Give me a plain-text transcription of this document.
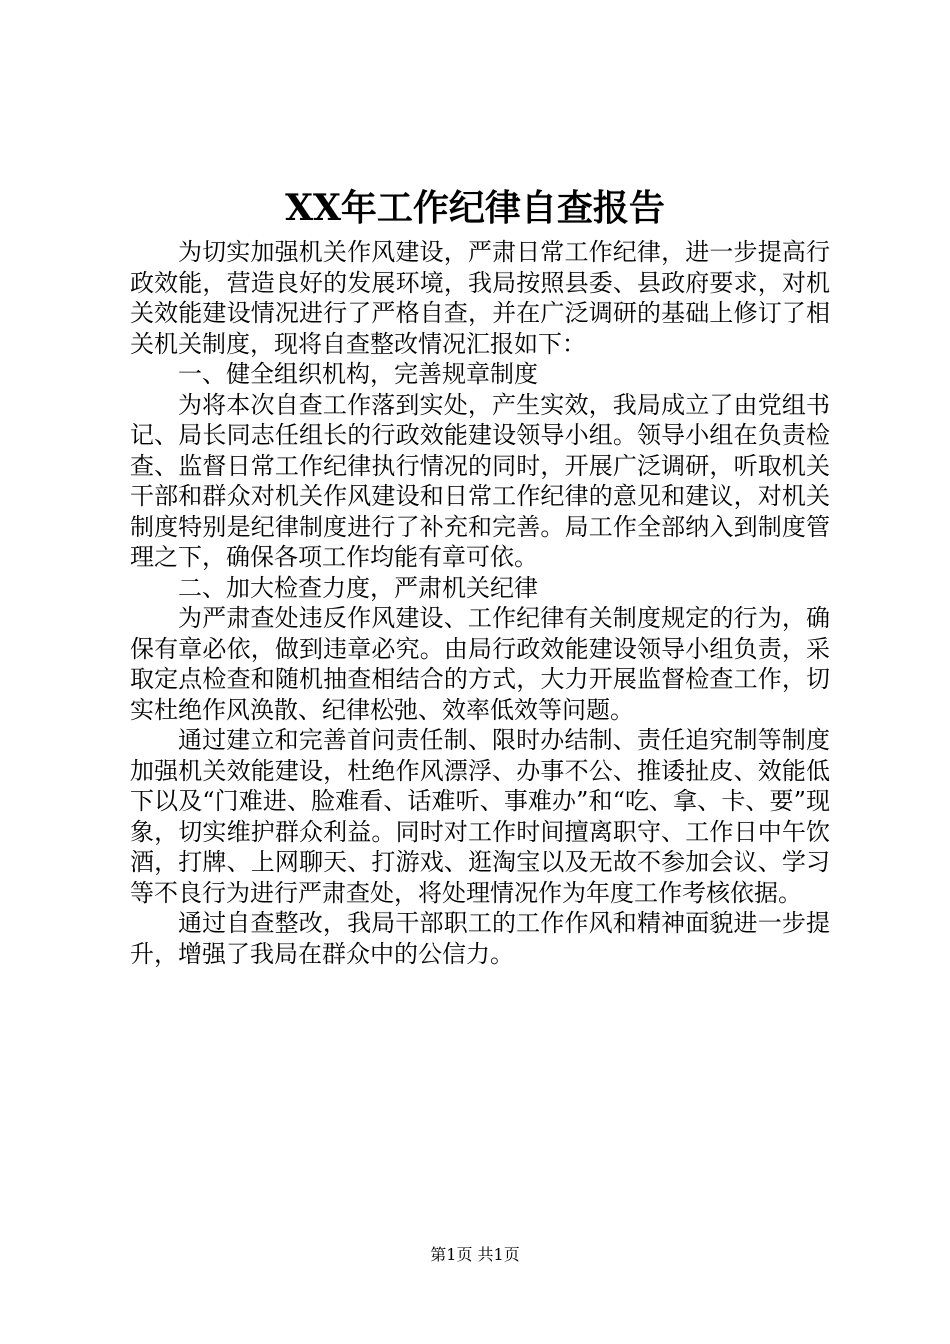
XX年工作纪律自查报告

为切实加强机关作风建设，严肃日常工作纪律，进一步提高行政效能，营造良好的发展环境，我局按照县委、县政府要求，对机关效能建设情况进行了严格自查，并在广泛调研的基础上修订了相关机关制度，现将自查整改情况汇报如下：

一、健全组织机构，完善规章制度

为将本次自查工作落到实处，产生实效，我局成立了由党组书记、局长同志任组长的行政效能建设领导小组。领导小组在负责检查、监督日常工作纪律执行情况的同时，开展广泛调研，听取机关干部和群众对机关作风建设和日常工作纪律的意见和建议，对机关制度特别是纪律制度进行了补充和完善。局工作全部纳入到制度管理之下，确保各项工作均能有章可依。

二、加大检查力度，严肃机关纪律

为严肃查处违反作风建设、工作纪律有关制度规定的行为，确保有章必依，做到违章必究。由局行政效能建设领导小组负责，采取定点检查和随机抽查相结合的方式，大力开展监督检查工作，切实杜绝作风涣散、纪律松弛、效率低效等问题。

通过建立和完善首问责任制、限时办结制、责任追究制等制度加强机关效能建设，杜绝作风漂浮、办事不公、推诿扯皮、效能低下以及“门难进、脸难看、话难听、事难办”和“吃、拿、卡、要”现象，切实维护群众利益。同时对工作时间擅离职守、工作日中午饮酒，打牌、上网聊天、打游戏、逛淘宝以及无故不参加会议、学习等不良行为进行严肃查处，将处理情况作为年度工作考核依据。

通过自查整改，我局干部职工的工作作风和精神面貌进一步提升，增强了我局在群众中的公信力。

第1页 共1页
